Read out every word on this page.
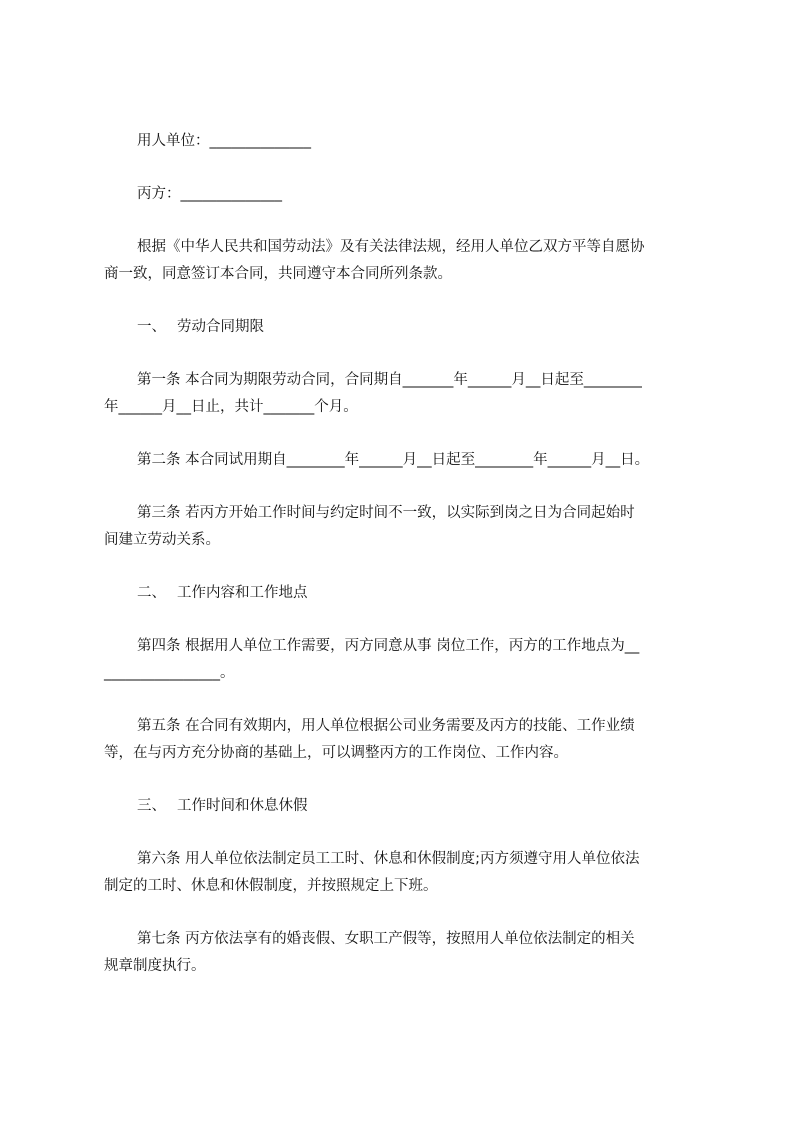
用人单位：______________
丙方：______________
根据《中华人民共和国劳动法》及有关法律法规，经用人单位乙双方平等自愿协
商一致，同意签订本合同，共同遵守本合同所列条款。
一、 劳动合同期限
第一条 本合同为期限劳动合同，合同期自_______年______月__日起至________
年______月__日止，共计_______个月。
第二条 本合同试用期自________年______月__日起至________年______月__日。
第三条 若丙方开始工作时间与约定时间不一致，以实际到岗之日为合同起始时
间建立劳动关系。
二、 工作内容和工作地点
第四条 根据用人单位工作需要，丙方同意从事 岗位工作，丙方的工作地点为__
________________。
第五条 在合同有效期内，用人单位根据公司业务需要及丙方的技能、工作业绩
等，在与丙方充分协商的基础上，可以调整丙方的工作岗位、工作内容。
三、 工作时间和休息休假
第六条 用人单位依法制定员工工时、休息和休假制度;丙方须遵守用人单位依法
制定的工时、休息和休假制度，并按照规定上下班。
第七条 丙方依法享有的婚丧假、女职工产假等，按照用人单位依法制定的相关
规章制度执行。
